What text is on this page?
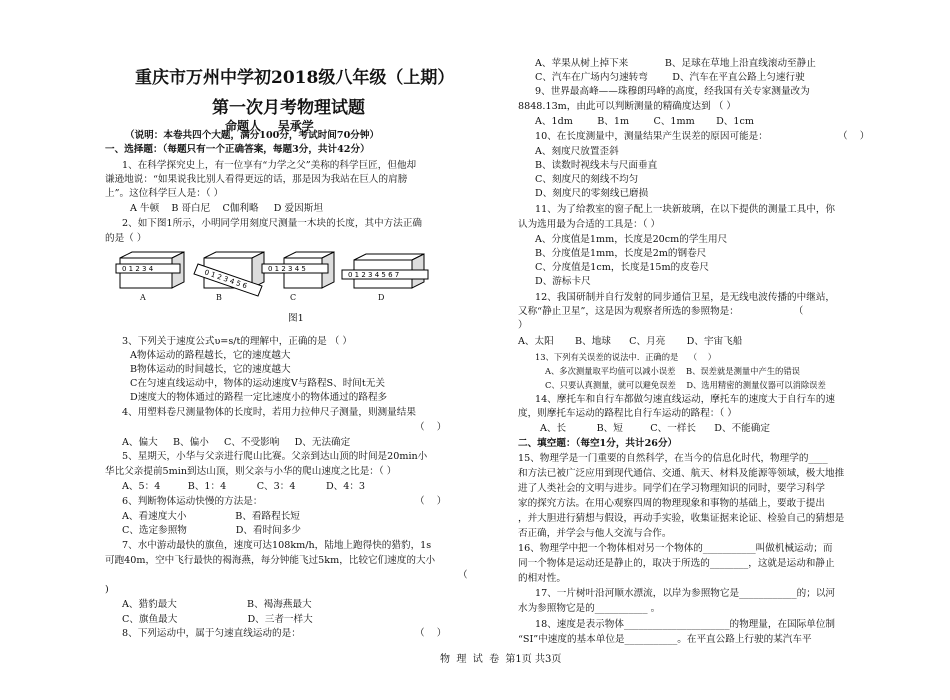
重庆市万州中学初2018级八年级（上期）
第一次月考物理试题
命题人    吴承学
（说明：本卷共四个大题，满分100分，考试时间70分钟）
一、选择题：（每题只有一个正确答案，每题3分，共计42分）
1、在科学探究史上，有一位享有“力学之父”美称的科学巨匠，但他却
谦逊地说：“如果说我比别人看得更远的话，那是因为我站在巨人的肩膀
上”。这位科学巨人是：（ ）
A 牛顿    B 哥白尼    C伽利略     D 爱因斯坦
2、如下图1所示，小明同学用刻度尺测量一木块的长度，其中方法正确
的是（ ）
0 1 2 3 4	0 1 2 3 4 5 6	0 1 2 3 4 5
0 1 2 3 4 5 6 7
A	B	C	D
图1
3、下列关于速度公式υ=s/t的理解中，正确的是 （ ）
A物体运动的路程越长，它的速度越大
B物体运动的时间越长，它的速度越大
C在匀速直线运动中，物体的运动速度V与路程S、时间t无关
D速度大的物体通过的路程一定比速度小的物体通过的路程多
4、用塑料卷尺测量物体的长度时，若用力拉伸尺子测量，则测量结果
（    ）
A、偏大     B、偏小     C、不受影响     D、无法确定
5、星期天，小华与父亲进行爬山比赛。父亲到达山顶的时间是20min小
华比父亲提前5min到达山顶，则父亲与小华的爬山速度之比是：（ ）
A、5：4         B、1：4          C、3：4          D、4：3
6、判断物体运动快慢的方法是：	（    ）
A、看速度大小                B、看路程长短
C、选定参照物                D、看时间多少
7、水中游动最快的旗鱼，速度可达108km/h，陆地上跑得快的猎豹，1s
可跑40m，空中飞行最快的褐海燕，每分钟能飞过5km，比较它们速度的大小
（
)
A、猎豹最大                       B、褐海燕最大
C、旗鱼最大                       D、三者一样大
8、下列运动中，属于匀速直线运动的是：	（    ）
A、苹果从树上掉下来            B、足球在草地上沿直线滚动至静止
C、汽车在广场内匀速转弯        D、汽车在平直公路上匀速行驶
9、世界最高峰——珠穆朗玛峰的高度，经我国有关专家测量改为
8848.13m，由此可以判断测量的精确度达到 （ ）
A、1dm        B、1m        C、1mm       D、1cm
10、在长度测量中，测量结果产生误差的原因可能是：	（    ）
A、刻度尺放置歪斜
B、读数时视线未与尺面垂直
C、刻度尺的刻线不均匀
D、刻度尺的零刻线已磨损
11、为了给教室的窗子配上一块新玻璃，在以下提供的测量工具中，你
认为选用最为合适的工具是：（ ）
A、分度值是1mm，长度是20cm的学生用尺
B、分度值是1mm，长度是2m的钢卷尺
C、分度值是1cm，长度是15m的皮卷尺
D、游标卡尺
12、我国研制并自行发射的同步通信卫星，是无线电波传播的中继站，
又称“静止卫星”，这是因为观察者所选的参照物是：                  （
）
A、太阳       B、地球      C、月亮       D、宇宙飞船
13、下列有关误差的说法中．正确的是    （    ）
A、多次测量取平均值可以减小误差    B、误差就是测量中产生的错误
C、只要认真测量，就可以避免误差    D、选用精密的测量仪器可以消除误差
14、摩托车和自行车都做匀速直线运动，摩托车的速度大于自行车的速
度，则摩托车运动的路程比自行车运动的路程：（ ）
A、长          B、短         C、一样长      D、不能确定
二、填空题：（每空1分，共计26分）
15、物理学是一门重要的自然科学，在当今的信息化时代，物理学的____
和方法已被广泛应用到现代通信、交通、航天、材料及能源等领域，极大地推
进了人类社会的文明与进步。同学们在学习物理知识的同时，要学习科学
家的探究方法。在用心观察四周的物理现象和事物的基础上，要敢于提出
，并大胆进行猜想与假设，再动手实验，收集证据来论证、检验自己的猜想是
否正确，并学会与他人交流与合作。
16、物理学中把一个物体相对另一个物体的___________叫做机械运动；而
同一个物体是运动还是静止的，取决于所选的________，这就是运动和静止
的相对性。
17、一片树叶沿河顺水漂流，以岸为参照物它是____________的；以河
水为参照物它是的___________ 。
18、速度是表示物体______________________的物理量，在国际单位制
“SI”中速度的基本单位是___________。在平直公路上行驶的某汽车平
物  理  试  卷  第1页 共3页
